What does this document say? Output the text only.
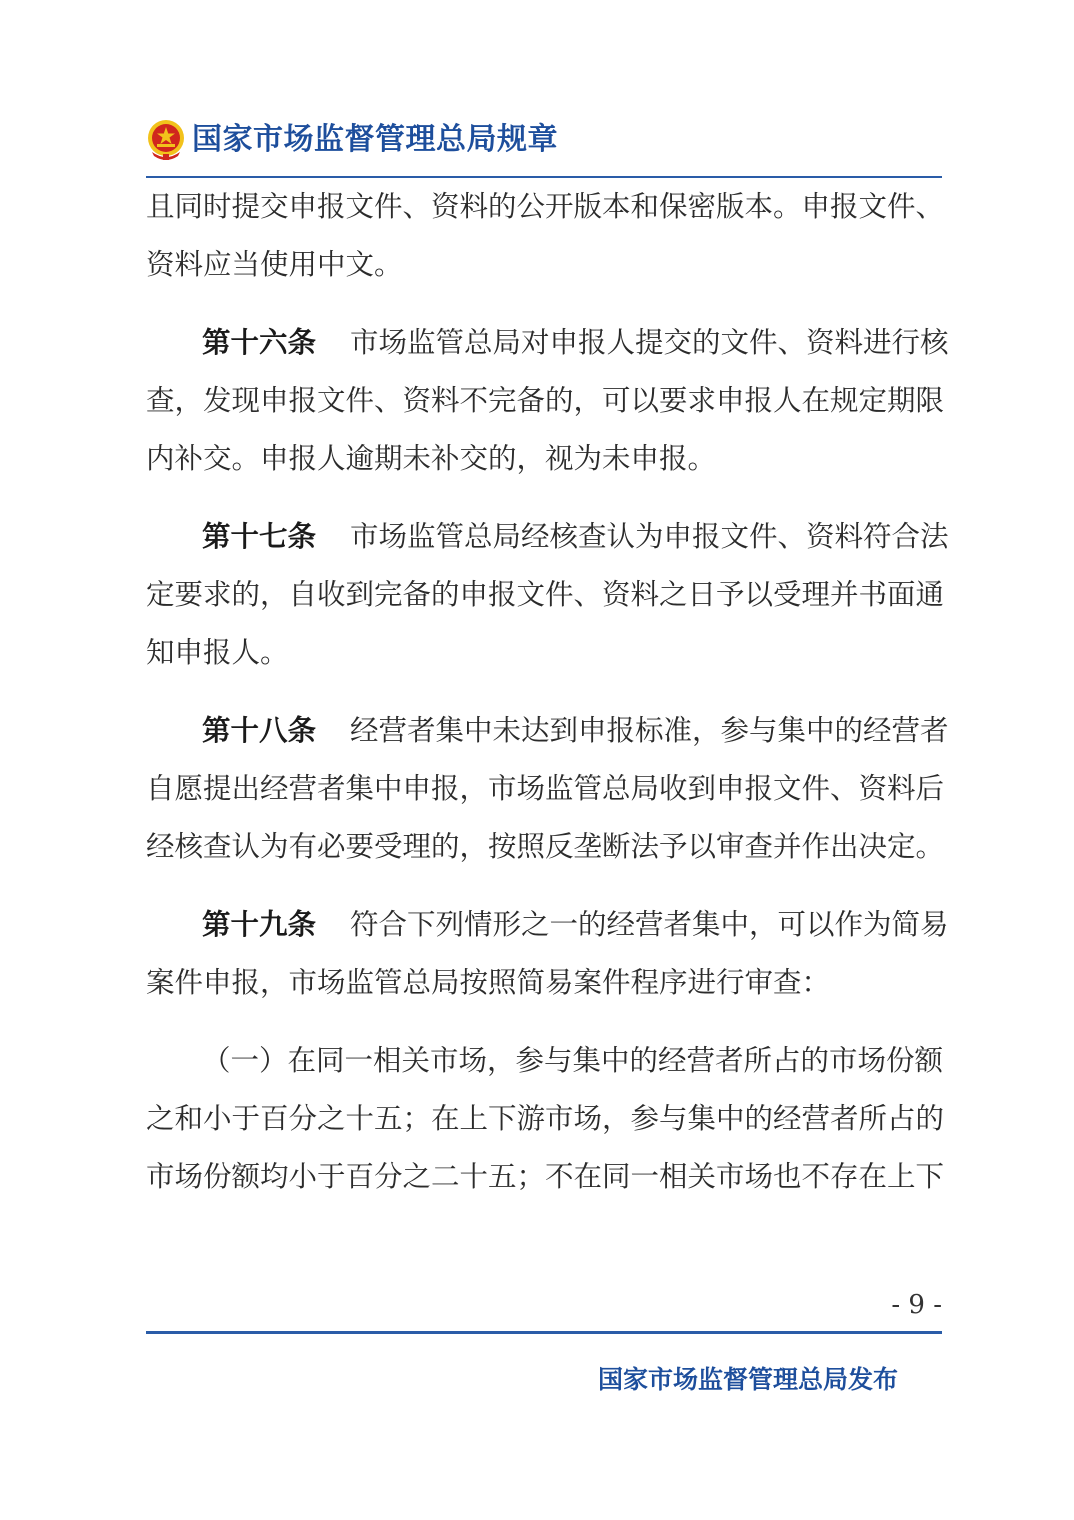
国家市场监督管理总局规章
且同时提交申报文件、资料的公开版本和保密版本。申报文件、
资料应当使用中文。
第十六条 市场监管总局对申报人提交的文件、资料进行核
查，发现申报文件、资料不完备的，可以要求申报人在规定期限
内补交。申报人逾期未补交的，视为未申报。
第十七条 市场监管总局经核查认为申报文件、资料符合法
定要求的，自收到完备的申报文件、资料之日予以受理并书面通
知申报人。
第十八条 经营者集中未达到申报标准，参与集中的经营者
自愿提出经营者集中申报，市场监管总局收到申报文件、资料后
经核查认为有必要受理的，按照反垄断法予以审查并作出决定。
第十九条 符合下列情形之一的经营者集中，可以作为简易
案件申报，市场监管总局按照简易案件程序进行审查：
（一）在同一相关市场，参与集中的经营者所占的市场份额
之和小于百分之十五；在上下游市场，参与集中的经营者所占的
市场份额均小于百分之二十五；不在同一相关市场也不存在上下
- 9 -
国家市场监督管理总局发布
